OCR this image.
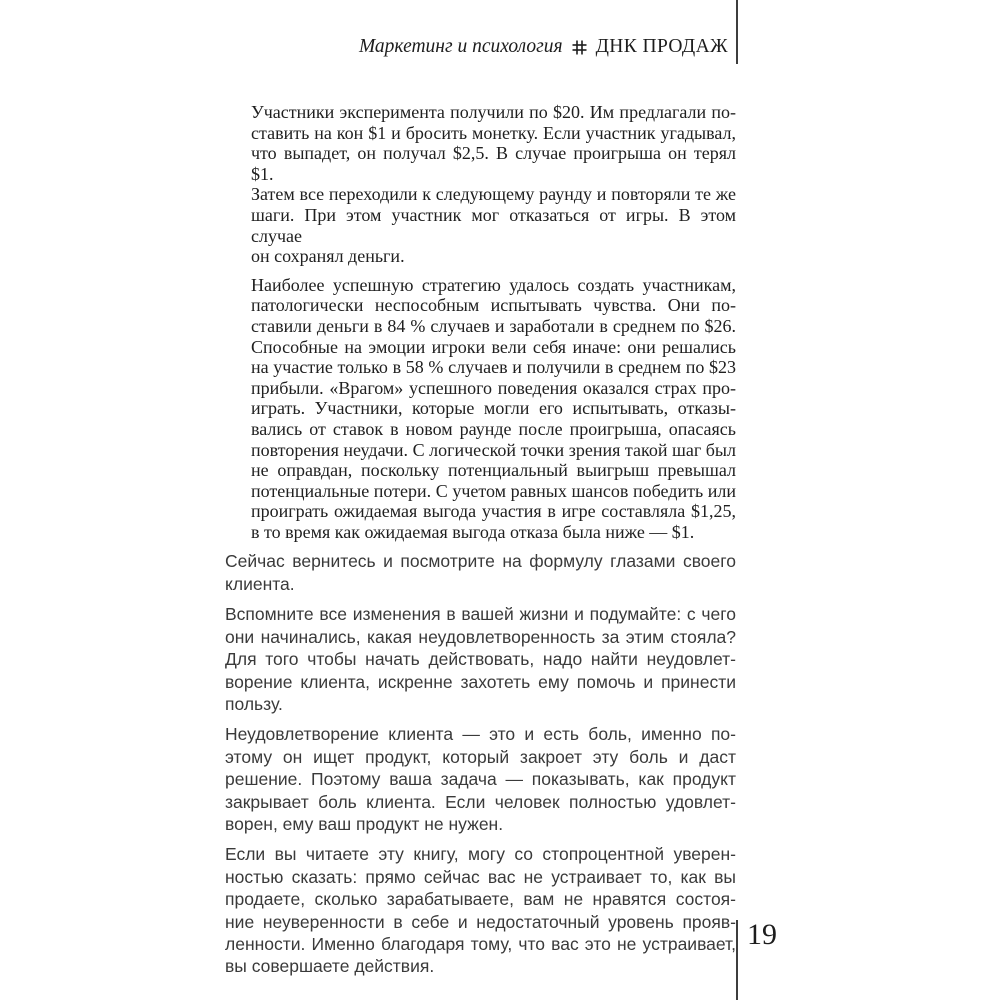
Маркетинг и психология ДНК ПРОДАЖ
Участники эксперимента получили по $20. Им предлагали по-
ставить на кон $1 и бросить монетку. Если участник угадывал,
что выпадет, он получал $2,5. В случае проигрыша он терял $1.
Затем все переходили к следующему раунду и повторяли те же
шаги. При этом участник мог отказаться от игры. В этом случае
он сохранял деньги.
Наиболее успешную стратегию удалось создать участникам,
патологически неспособным испытывать чувства. Они по-
ставили деньги в 84 % случаев и заработали в среднем по $26.
Способные на эмоции игроки вели себя иначе: они решались
на участие только в 58 % случаев и получили в среднем по $23
прибыли. «Врагом» успешного поведения оказался страх про-
играть. Участники, которые могли его испытывать, отказы-
вались от ставок в новом раунде после проигрыша, опасаясь
повторения неудачи. С логической точки зрения такой шаг был
не оправдан, поскольку потенциальный выигрыш превышал
потенциальные потери. С учетом равных шансов победить или
проиграть ожидаемая выгода участия в игре составляла $1,25,
в то время как ожидаемая выгода отказа была ниже — $1.
Сейчас вернитесь и посмотрите на формулу глазами своего
клиента.
Вспомните все изменения в вашей жизни и подумайте: с чего
они начинались, какая неудовлетворенность за этим стояла?
Для того чтобы начать действовать, надо найти неудовлет-
ворение клиента, искренне захотеть ему помочь и принести
пользу.
Неудовлетворение клиента — это и есть боль, именно по-
этому он ищет продукт, который закроет эту боль и даст
решение. Поэтому ваша задача — показывать, как продукт
закрывает боль клиента. Если человек полностью удовлет-
ворен, ему ваш продукт не нужен.
Если вы читаете эту книгу, могу со стопроцентной уверен-
ностью сказать: прямо сейчас вас не устраивает то, как вы
продаете, сколько зарабатываете, вам не нравятся состоя-
ние неуверенности в себе и недостаточный уровень прояв-
ленности. Именно благодаря тому, что вас это не устраивает,
вы совершаете действия.
19
